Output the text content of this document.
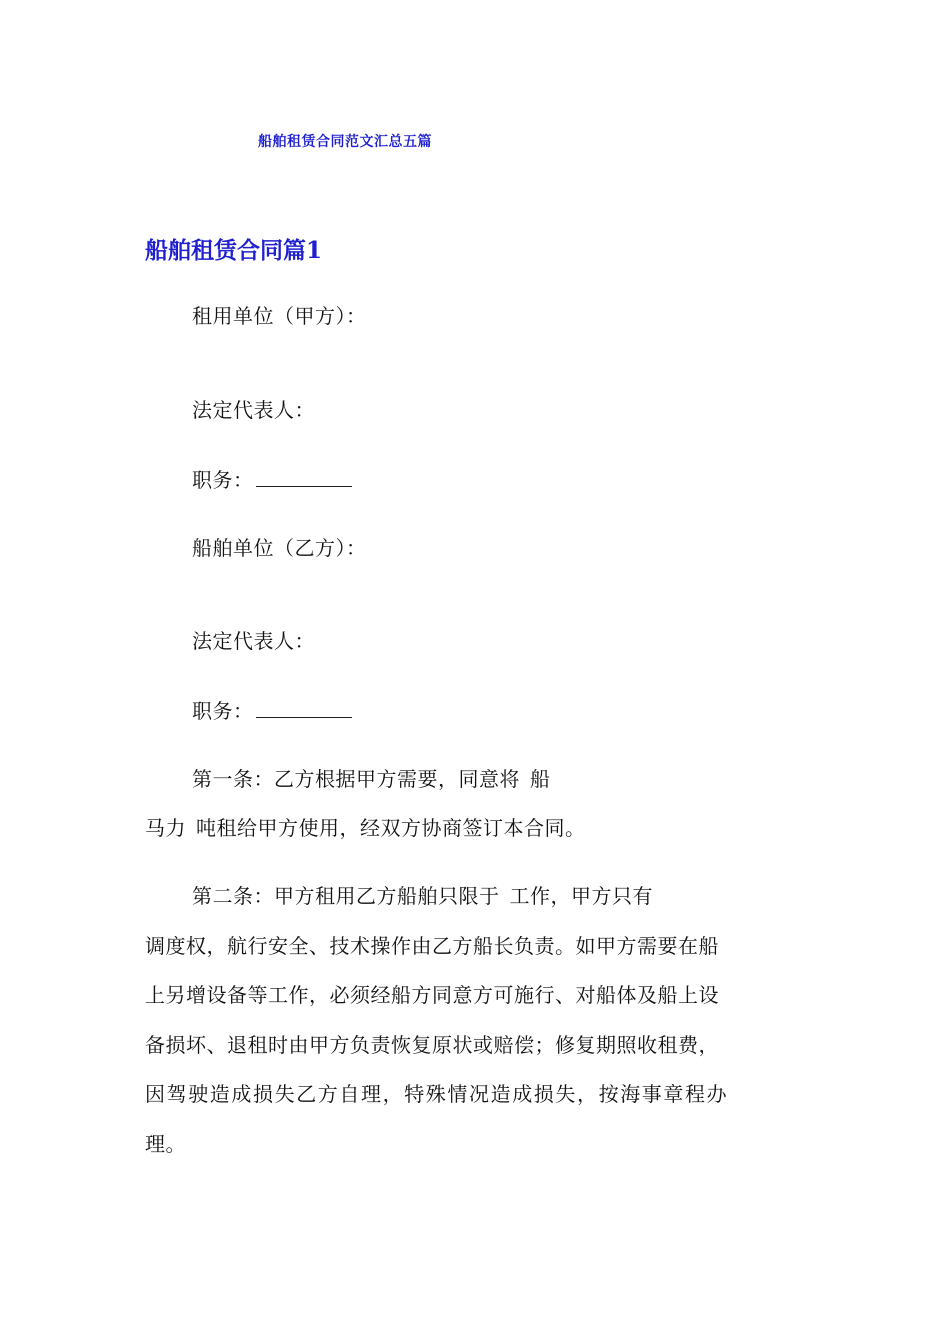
船舶租赁合同范文汇总五篇
船舶租赁合同篇1
租用单位（甲方）：
法定代表人：
职务：
船舶单位（乙方）：
法定代表人：
职务：
第一条：乙方根据甲方需要，同意将 船
马力 吨租给甲方使用，经双方协商签订本合同。
第二条：甲方租用乙方船舶只限于 工作，甲方只有
调度权，航行安全、技术操作由乙方船长负责。如甲方需要在船
上另增设备等工作，必须经船方同意方可施行、对船体及船上设
备损坏、退租时由甲方负责恢复原状或赔偿；修复期照收租费，
因驾驶造成损失乙方自理，特殊情况造成损失，按海事章程办
理。
